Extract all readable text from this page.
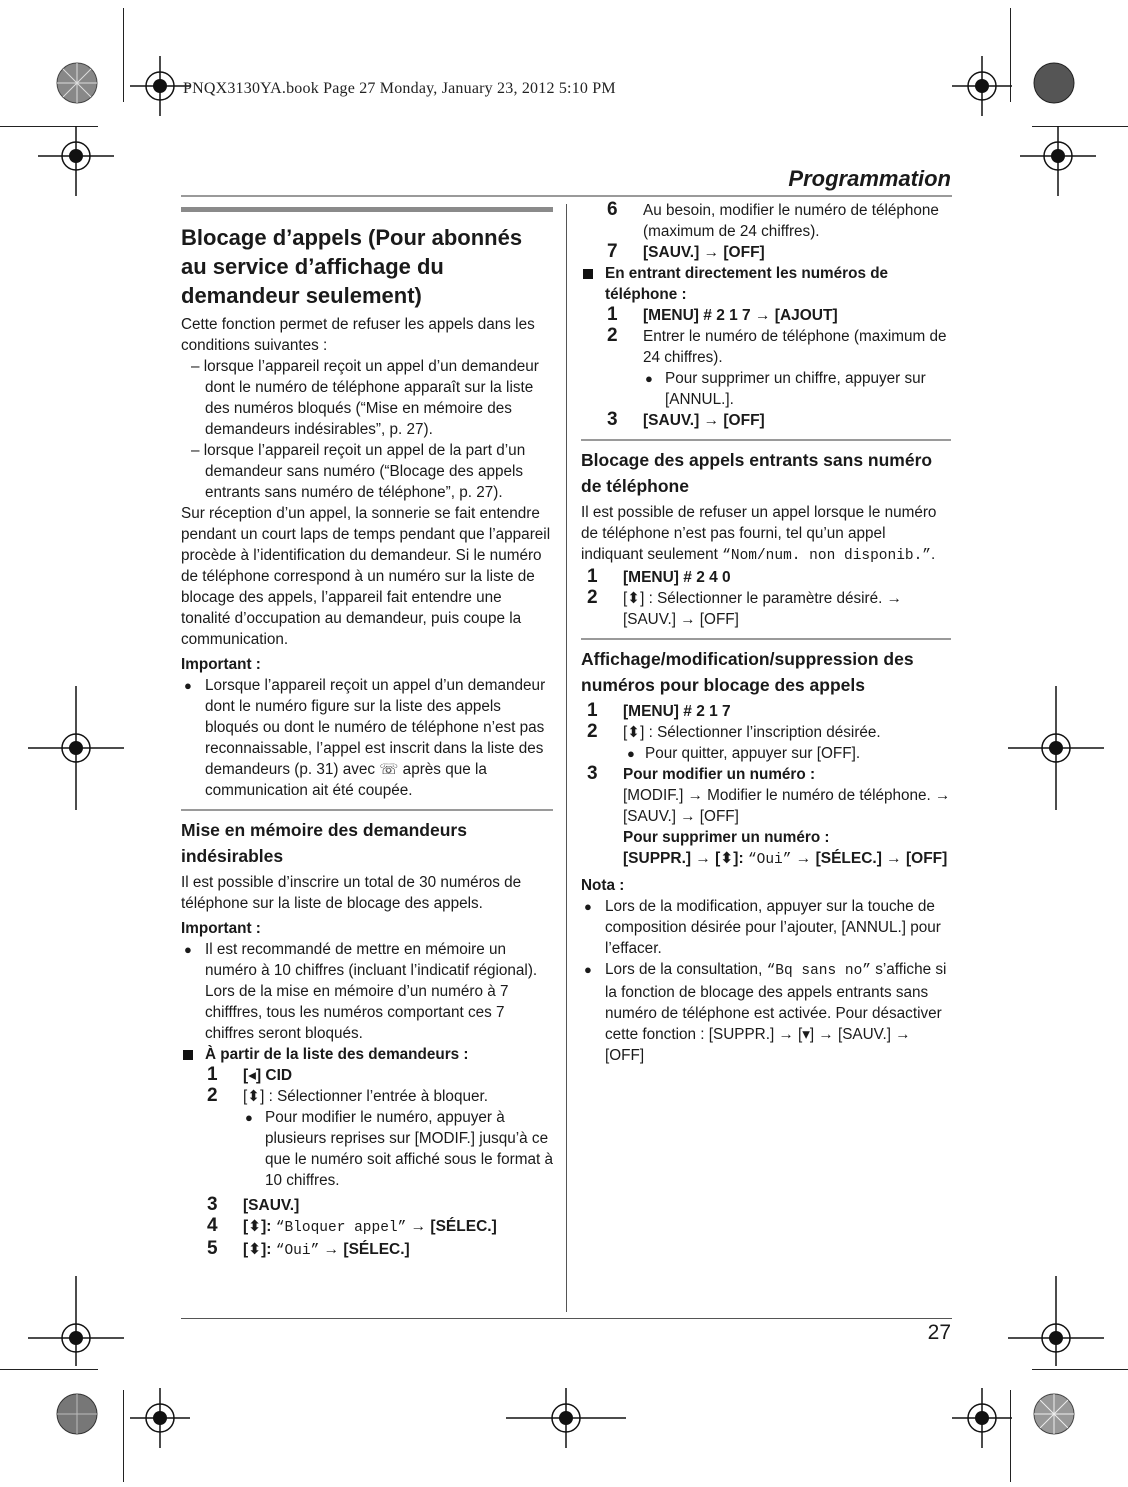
PNQX3130YA.book Page 27 Monday, January 23, 2012 5:10 PM
Programmation
27
Blocage d’appels (Pour abonnés au service d’affichage du demandeur seulement)

Cette fonction permet de refuser les appels dans les conditions suivantes :

– lorsque l’appareil reçoit un appel d’un demandeur dont le numéro de téléphone apparaît sur la liste des numéros bloqués (“Mise en mémoire des demandeurs indésirables”, p. 27).

– lorsque l’appareil reçoit un appel de la part d’un demandeur sans numéro (“Blocage des appels entrants sans numéro de téléphone”, p. 27).

Sur réception d’un appel, la sonnerie se fait entendre pendant un court laps de temps pendant que l’appareil procède à l’identification du demandeur. Si le numéro de téléphone correspond à un numéro sur la liste de blocage des appels, l’appareil fait entendre une tonalité d’occupation au demandeur, puis coupe la communication.

Important :

● Lorsque l’appareil reçoit un appel d’un demandeur dont le numéro figure sur la liste des appels bloqués ou dont le numéro de téléphone n’est pas reconnaissable, l’appel est inscrit dans la liste des demandeurs (p. 31) avec ☏ après que la communication ait été coupée.
Mise en mémoire des demandeurs indésirables

Il est possible d’inscrire un total de 30 numéros de téléphone sur la liste de blocage des appels.

Important :

● Il est recommandé de mettre en mémoire un numéro à 10 chiffres (incluant l’indicatif régional). Lors de la mise en mémoire d’un numéro à 7 chifffres, tous les numéros comportant ces 7 chiffres seront bloqués.
À partir de la liste des demandeurs :
1 [◂] CID
2 [⬍] : Sélectionner l’entrée à bloquer.
● Pour modifier le numéro, appuyer à plusieurs reprises sur [MODIF.] jusqu’à ce que le numéro soit affiché sous le format à 10 chiffres.
3 [SAUV.]
4 [⬍]: “Bloquer appel” → [SÉLEC.]
5 [⬍]: “Oui” → [SÉLEC.]
6 Au besoin, modifier le numéro de téléphone (maximum de 24 chiffres).
7 [SAUV.] → [OFF]
En entrant directement les numéros de téléphone :
1 [MENU] # 2 1 7 → [AJOUT]
2 Entrer le numéro de téléphone (maximum de 24 chiffres).
● Pour supprimer un chiffre, appuyer sur [ANNUL.].
3 [SAUV.] → [OFF]
Blocage des appels entrants sans numéro de téléphone

Il est possible de refuser un appel lorsque le numéro de téléphone n’est pas fourni, tel qu’un appel indiquant seulement “Nom/num. non disponib.”.

1 [MENU] # 2 4 0
2 [⬍] : Sélectionner le paramètre désiré. → [SAUV.] → [OFF]
Affichage/modification/suppression des numéros pour blocage des appels
1 [MENU] # 2 1 7
2 [⬍] : Sélectionner l’inscription désirée.
● Pour quitter, appuyer sur [OFF].
3 Pour modifier un numéro :

[MODIF.] → Modifier le numéro de téléphone. → [SAUV.] → [OFF]

Pour supprimer un numéro :

[SUPPR.] → [⬍]: “Oui” → [SÉLEC.] → [OFF]

Nota :

● Lors de la modification, appuyer sur la touche de composition désirée pour l’ajouter, [ANNUL.] pour l’effacer.
● Lors de la consultation, “Bq sans no” s’affiche si la fonction de blocage des appels entrants sans numéro de téléphone est activée. Pour désactiver cette fonction : [SUPPR.] → [▾] → [SAUV.] → [OFF]
